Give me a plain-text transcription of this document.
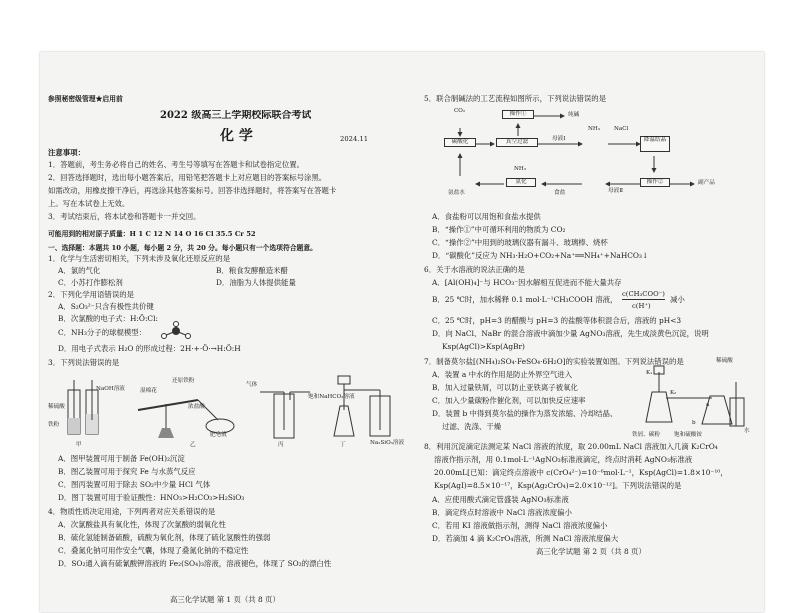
参照秘密级管理★启用前
2022 级高三上学期校际联合考试
化 学	2024.11
注意事项：
1．答题前，考生务必将自己的姓名、考生号等填写在答题卡和试卷指定位置。
2．回答选择题时，选出每小题答案后，用铅笔把答题卡上对应题目的答案标号涂黑。
如需改动，用橡皮擦干净后，再选涂其他答案标号。回答非选择题时，将答案写在答题卡
上。写在本试卷上无效。
3．考试结束后，将本试卷和答题卡一并交回。
可能用到的相对原子质量：H 1 C 12 N 14 O 16 Cl 35.5 Cr 52
一、选择题：本题共 10 小题，每小题 2 分，共 20 分。每小题只有一个选项符合题意。
1．化学与生活密切相关，下列未涉及氧化还原反应的是
A．氯的气化	B．粮食发酵酿造米醋
C．小苏打作膨松剂	D．油脂为人体提供能量
2．下列化学用语错误的是
A．S₂O₃²⁻只含有极性共价键
B．次氯酸的电子式：H:Ö:Cl:
C．NH₃分子的球棍模型：
D．用电子式表示 H₂O 的形成过程：2H·+·Ö·→H:Ö:H
3．下列说法错误的是
稀硫酸
铁粉
NaOH溶液
还原铁粉
湿棉花
肥皂液
浓盐酸
饱和NaHCO₃溶液
Na₂SiO₃溶液
气体
甲	乙	丙	丁
A．图甲装置可用于制备 Fe(OH)₂沉淀
B．图乙装置可用于探究 Fe 与水蒸气反应
C．图丙装置可用于除去 SO₂中少量 HCl 气体
D．图丁装置可用于验证酸性：HNO₃>H₂CO₃>H₂SiO₃
4．物质性质决定用途，下列两者对应关系错误的是
A．次氯酸盐具有氧化性，体现了次氯酸的弱氧化性
B．硫化氢能制备硫酸，硫酸为氧化剂，体现了硫化氢酸性的强弱
C．叠氮化钠可用作安全气囊，体现了叠氮化钠的不稳定性
D．SO₂通入滴有硫氰酸钾溶液的 Fe₂(SO₄)₃溶液，溶液褪色，体现了 SO₂的漂白性
高三化学试题 第 1 页（共 8 页）
5．联合制碱法的工艺流程如图所示，下列说法错误的是
CO₂
碳酸化	真空过滤
操作①	纯碱
母液Ⅰ
NH₃ NaCl
降温结晶
操作②	副产品
母液Ⅱ
氨化
NH₃
氨盐水	食盐
A．食盐粉可以用饱和食盐水提供
B．“操作①”中可循环利用的物质为 CO₂
C．“操作②”中用到的玻璃仪器有漏斗、玻璃棒、烧杯
D．“碳酸化”反应为 NH₃·H₂O+CO₂+Na⁺══NH₄⁺+NaHCO₃↓
6．关于水溶液的说法正确的是
A．[Al(OH)₄]⁻与 HCO₃⁻因水解相互促进而不能大量共存
B．25 ℃时，加水稀释 0.1 mol·L⁻¹CH₃COOH 溶液，
c(CH₃COO⁻)
c(H⁺)
减小
C．25 ℃时，pH=3 的醋酸与 pH=3 的盐酸等体积混合后，溶液的 pH<3
D．向 NaCl、NaBr 的混合溶液中滴加少量 AgNO₃溶液，先生成淡黄色沉淀，说明
Ksp(AgCl)>Ksp(AgBr)
7．制备莫尔盐[(NH₄)₂SO₄·FeSO₄·6H₂O]的实验装置如图。下列说法错误的是
A．装置 a 中水的作用是防止外界空气进入
B．加入过量铁屑，可以防止亚铁离子被氧化
C．加入少量碳粉作催化剂，可以加快反应速率
D．装置 b 中得到莫尔盐的操作为蒸发浓缩、冷却结晶、
过滤、洗涤、干燥
稀硫酸
铁屑、碳粉	饱和硫酸铵
a
b
K₁
K₂
水
8．利用沉淀滴定法测定某 NaCl 溶液的浓度，取 20.00mL NaCl 溶液加入几滴 K₂CrO₄
溶液作指示剂，用 0.1mol·L⁻¹AgNO₃标准液滴定，终点时消耗 AgNO₃标准液
20.00mL[已知：滴定终点溶液中 c(CrO₄²⁻)=10⁻⁶mol·L⁻¹，Ksp(AgCl)=1.8×10⁻¹⁰，
Ksp(AgI)=8.5×10⁻¹⁷，Ksp(Ag₂CrO₄)=2.0×10⁻¹²]。下列说法错误的是
A．应使用酸式滴定管盛装 AgNO₃标准液
B．滴定终点时溶液中 NaCl 溶液浓度偏小
C．若用 KI 溶液做指示剂，测得 NaCl 溶液浓度偏小
D．若滴加 4 滴 K₂CrO₄溶液，所测 NaCl 溶液浓度偏大
高三化学试题 第 2 页（共 8 页）
